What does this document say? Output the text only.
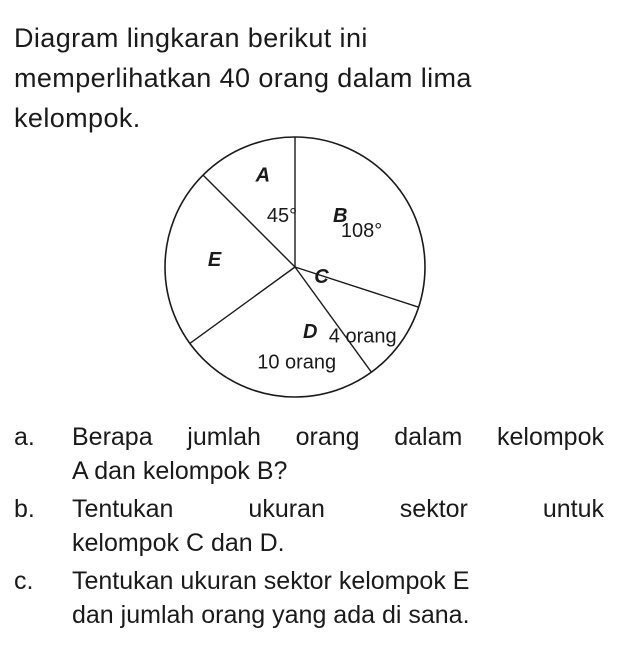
Diagram lingkaran berikut ini
memperlihatkan 40 orang dalam lima
kelompok.
A
45° B
108°
C
4 orang
D
10 orang
E
a. Berapa jumlah orang dalam kelompok
A dan kelompok B?
b. Tentukan ukuran sektor untuk
kelompok C dan D.
c. Tentukan ukuran sektor kelompok E
dan jumlah orang yang ada di sana.
